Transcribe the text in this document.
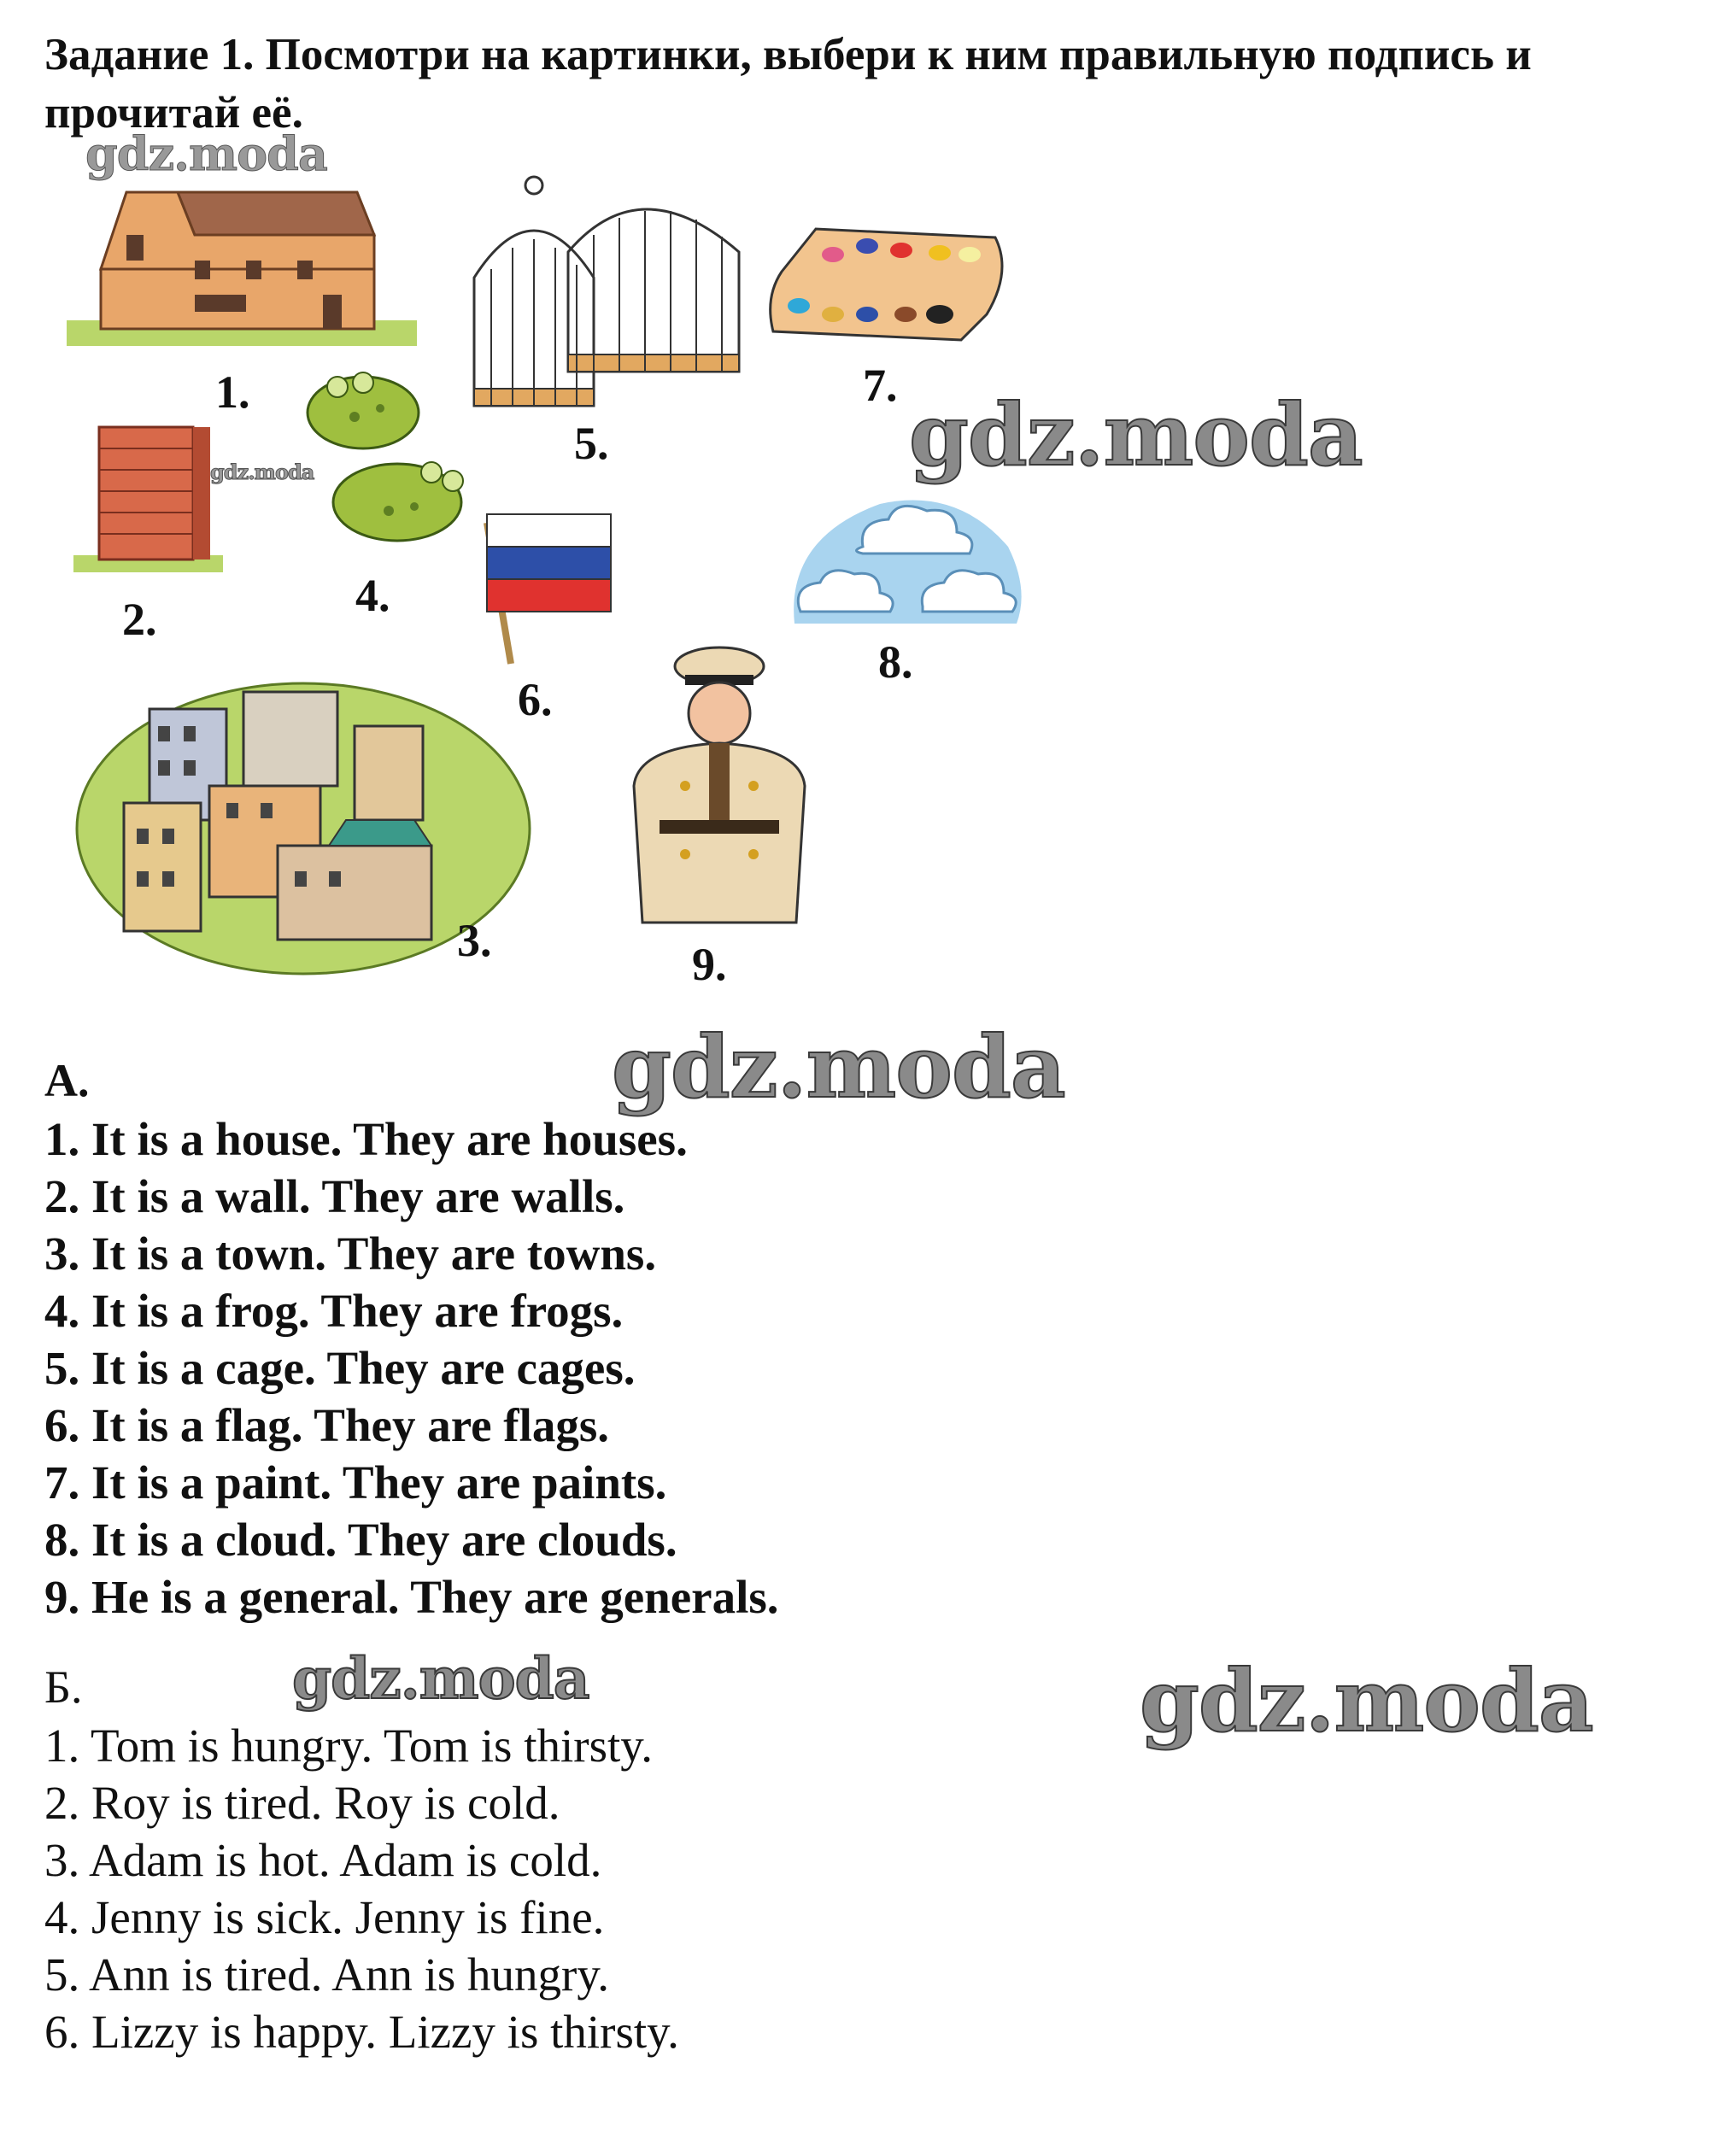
Задание 1. Посмотри на картинки, выбери к ним правильную подпись и прочитай её.
gdz.moda
gdz.moda	gdz.moda
gdz.moda
gdz.moda	gdz.moda
1.
2.
3.
4.
5.
6.
7.
8.
9.
A.
1. It is a house. They are houses.
2. It is a wall. They are walls.
3. It is a town. They are towns.
4. It is a frog. They are frogs.
5. It is a cage. They are cages.
6. It is a flag. They are flags.
7. It is a paint. They are paints.
8. It is a cloud. They are clouds.
9. He is a general. They are generals.
Б.
1. Tom is hungry. Tom is thirsty.
2. Roy is tired. Roy is cold.
3. Adam is hot. Adam is cold.
4. Jenny is sick. Jenny is fine.
5. Ann is tired. Ann is hungry.
6. Lizzy is happy. Lizzy is thirsty.
